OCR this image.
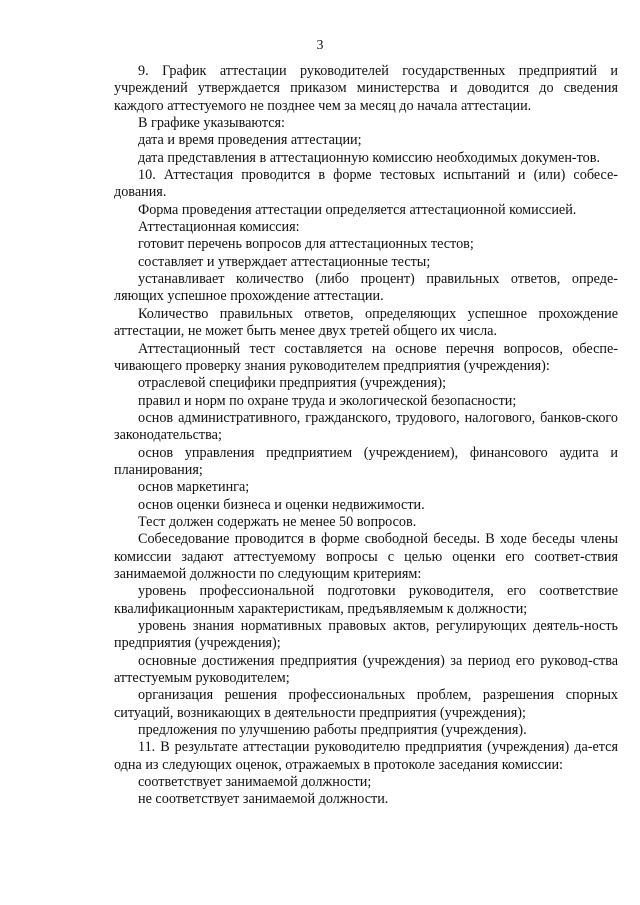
3

9. График аттестации руководителей государственных предприятий и учреждений утверждается приказом министерства и доводится до сведения каждого аттестуемого не позднее чем за месяц до начала аттестации.

В графике указываются:

дата и время проведения аттестации;

дата представления в аттестационную комиссию необходимых докумен-тов.

10. Аттестация проводится в форме тестовых испытаний и (или) собесе-дования.

Форма проведения аттестации определяется аттестационной комиссией.

Аттестационная комиссия:

готовит перечень вопросов для аттестационных тестов;

составляет и утверждает аттестационные тесты;

устанавливает количество (либо процент) правильных ответов, опреде-ляющих успешное прохождение аттестации.

Количество правильных ответов, определяющих успешное прохождение аттестации, не может быть менее двух третей общего их числа.

Аттестационный тест составляется на основе перечня вопросов, обеспе-чивающего проверку знания руководителем предприятия (учреждения):

отраслевой специфики предприятия (учреждения);

правил и норм по охране труда и экологической безопасности;

основ административного, гражданского, трудового, налогового, банков-ского законодательства;

основ управления предприятием (учреждением), финансового аудита и планирования;

основ маркетинга;

основ оценки бизнеса и оценки недвижимости.

Тест должен содержать не менее 50 вопросов.

Собеседование проводится в форме свободной беседы. В ходе беседы члены комиссии задают аттестуемому вопросы с целью оценки его соответ-ствия занимаемой должности по следующим критериям:

уровень профессиональной подготовки руководителя, его соответствие квалификационным характеристикам, предъявляемым к должности;

уровень знания нормативных правовых актов, регулирующих деятель-ность предприятия (учреждения);

основные достижения предприятия (учреждения) за период его руковод-ства аттестуемым руководителем;

организация решения профессиональных проблем, разрешения спорных ситуаций, возникающих в деятельности предприятия (учреждения);

предложения по улучшению работы предприятия (учреждения).

11. В результате аттестации руководителю предприятия (учреждения) да-ется одна из следующих оценок, отражаемых в протоколе заседания комиссии:

соответствует занимаемой должности;

не соответствует занимаемой должности.
